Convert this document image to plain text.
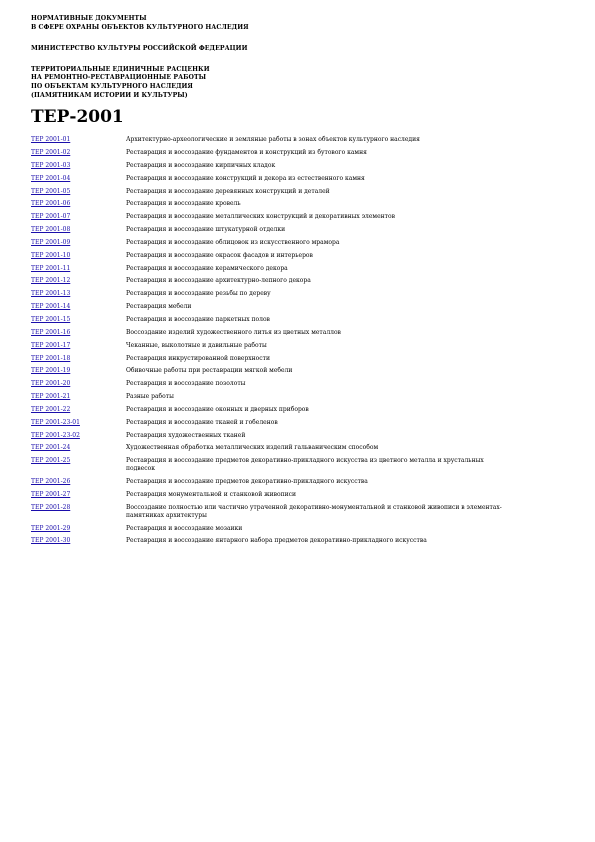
НОРМАТИВНЫЕ ДОКУМЕНТЫ
В СФЕРЕ ОХРАНЫ ОБЪЕКТОВ КУЛЬТУРНОГО НАСЛЕДИЯ
МИНИСТЕРСТВО КУЛЬТУРЫ РОССИЙСКОЙ ФЕДЕРАЦИИ
ТЕРРИТОРИАЛЬНЫЕ ЕДИНИЧНЫЕ РАСЦЕНКИ
НА РЕМОНТНО-РЕСТАВРАЦИОННЫЕ РАБОТЫ
ПО ОБЪЕКТАМ КУЛЬТУРНОГО НАСЛЕДИЯ
(ПАМЯТНИКАМ ИСТОРИИ И КУЛЬТУРЫ)
ТЕР-2001
ТЕР 2001-01	Архитектурно-археологические и земляные работы в зонах объектов культурного наследия
ТЕР 2001-02	Реставрация и воссоздание фундаментов и конструкций из бутового камня
ТЕР 2001-03	Реставрация и воссоздание кирпичных кладок
ТЕР 2001-04	Реставрация и воссоздание конструкций и декора из естественного камня
ТЕР 2001-05	Реставрация и воссоздание деревянных конструкций и деталей
ТЕР 2001-06	Реставрация и воссоздание кровель
ТЕР 2001-07	Реставрация и воссоздание металлических конструкций и декоративных элементов
ТЕР 2001-08	Реставрация и воссоздание штукатурной отделки
ТЕР 2001-09	Реставрация и воссоздание облицовок из искусственного мрамора
ТЕР 2001-10	Реставрация и воссоздание окрасок фасадов и интерьеров
ТЕР 2001-11	Реставрация и воссоздание керамического декора
ТЕР 2001-12	Реставрация и воссоздание архитектурно-лепного декора
ТЕР 2001-13	Реставрация и воссоздание резьбы по дереву
ТЕР 2001-14	Реставрация мебели
ТЕР 2001-15	Реставрация и воссоздание паркетных полов
ТЕР 2001-16	Воссоздание изделий художественного литья из цветных металлов
ТЕР 2001-17	Чеканные, выколотные и давильные работы
ТЕР 2001-18	Реставрация инкрустированной поверхности
ТЕР 2001-19	Обивочные работы при реставрации мягкой мебели
ТЕР 2001-20	Реставрация и воссоздание позолоты
ТЕР 2001-21	Разные работы
ТЕР 2001-22	Реставрация и воссоздание оконных и дверных приборов
ТЕР 2001-23-01	Реставрация и воссоздание тканей и гобеленов
ТЕР 2001-23-02	Реставрация художественных тканей
ТЕР 2001-24	Художественная обработка металлических изделий гальваническим способом
ТЕР 2001-25	Реставрация и воссоздание предметов декоративно-прикладного искусства из цветного металла и хрустальных подвесок
ТЕР 2001-26	Реставрация и воссоздание предметов декоративно-прикладного искусства
ТЕР 2001-27	Реставрация монументальной и станковой живописи
ТЕР 2001-28	Воссоздание полностью или частично утраченной декоративно-монументальной и станковой живописи в элементах-памятниках архитектуры
ТЕР 2001-29	Реставрация и воссоздание мозаики
ТЕР 2001-30	Реставрация и воссоздание янтарного набора предметов декоративно-прикладного искусства
